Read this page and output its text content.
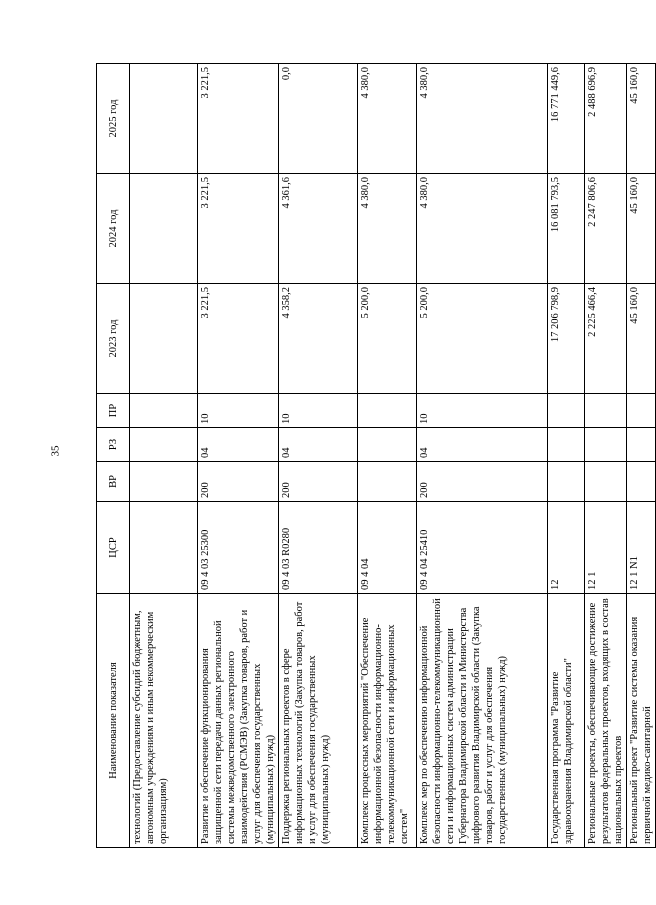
35
Наименование показателя	ЦСР	ВР	РЗ	ПР	2023 год	2024 год	2025 год
технологий (Предоставление субсидий бюджетным, автономным учреждениям и иным некоммерческим организациям)							
Развитие и обеспечение функционирования защищенной сети передачи данных региональной системы межведомственного электронного взаимодействия (РСМЭВ) (Закупка товаров, работ и услуг для обеспечения государственных (муниципальных) нужд)	09 4 03 25300	200	04	10	3 221,5	3 221,5	3 221,5
Поддержка региональных проектов в сфере информационных технологий (Закупка товаров, работ и услуг для обеспечения государственных (муниципальных) нужд)	09 4 03 R0280	200	04	10	4 358,2	4 361,6	0,0
Комплекс процессных мероприятий "Обеспечение информационной безопасности информационно-телекоммуникационной сети и информационных систем"	09 4 04				5 200,0	4 380,0	4 380,0
Комплекс мер по обеспечению информационной безопасности информационно-телекоммуникационной сети и информационных систем администрации Губернатора Владимирской области и Министерства цифрового развития Владимирской области (Закупка товаров, работ и услуг для обеспечения государственных (муниципальных) нужд)	09 4 04 25410	200	04	10	5 200,0	4 380,0	4 380,0
Государственная программа "Развитие здравоохранения Владимирской области"	12				17 206 798,9	16 081 793,5	16 771 449,6
Региональные проекты, обеспечивающие достижение результатов федеральных проектов, входящих в состав национальных проектов	12 1				2 225 466,4	2 247 806,6	2 488 696,9
Региональный проект "Развитие системы оказания первичной медико-санитарной	12 1 N1				45 160,0	45 160,0	45 160,0
